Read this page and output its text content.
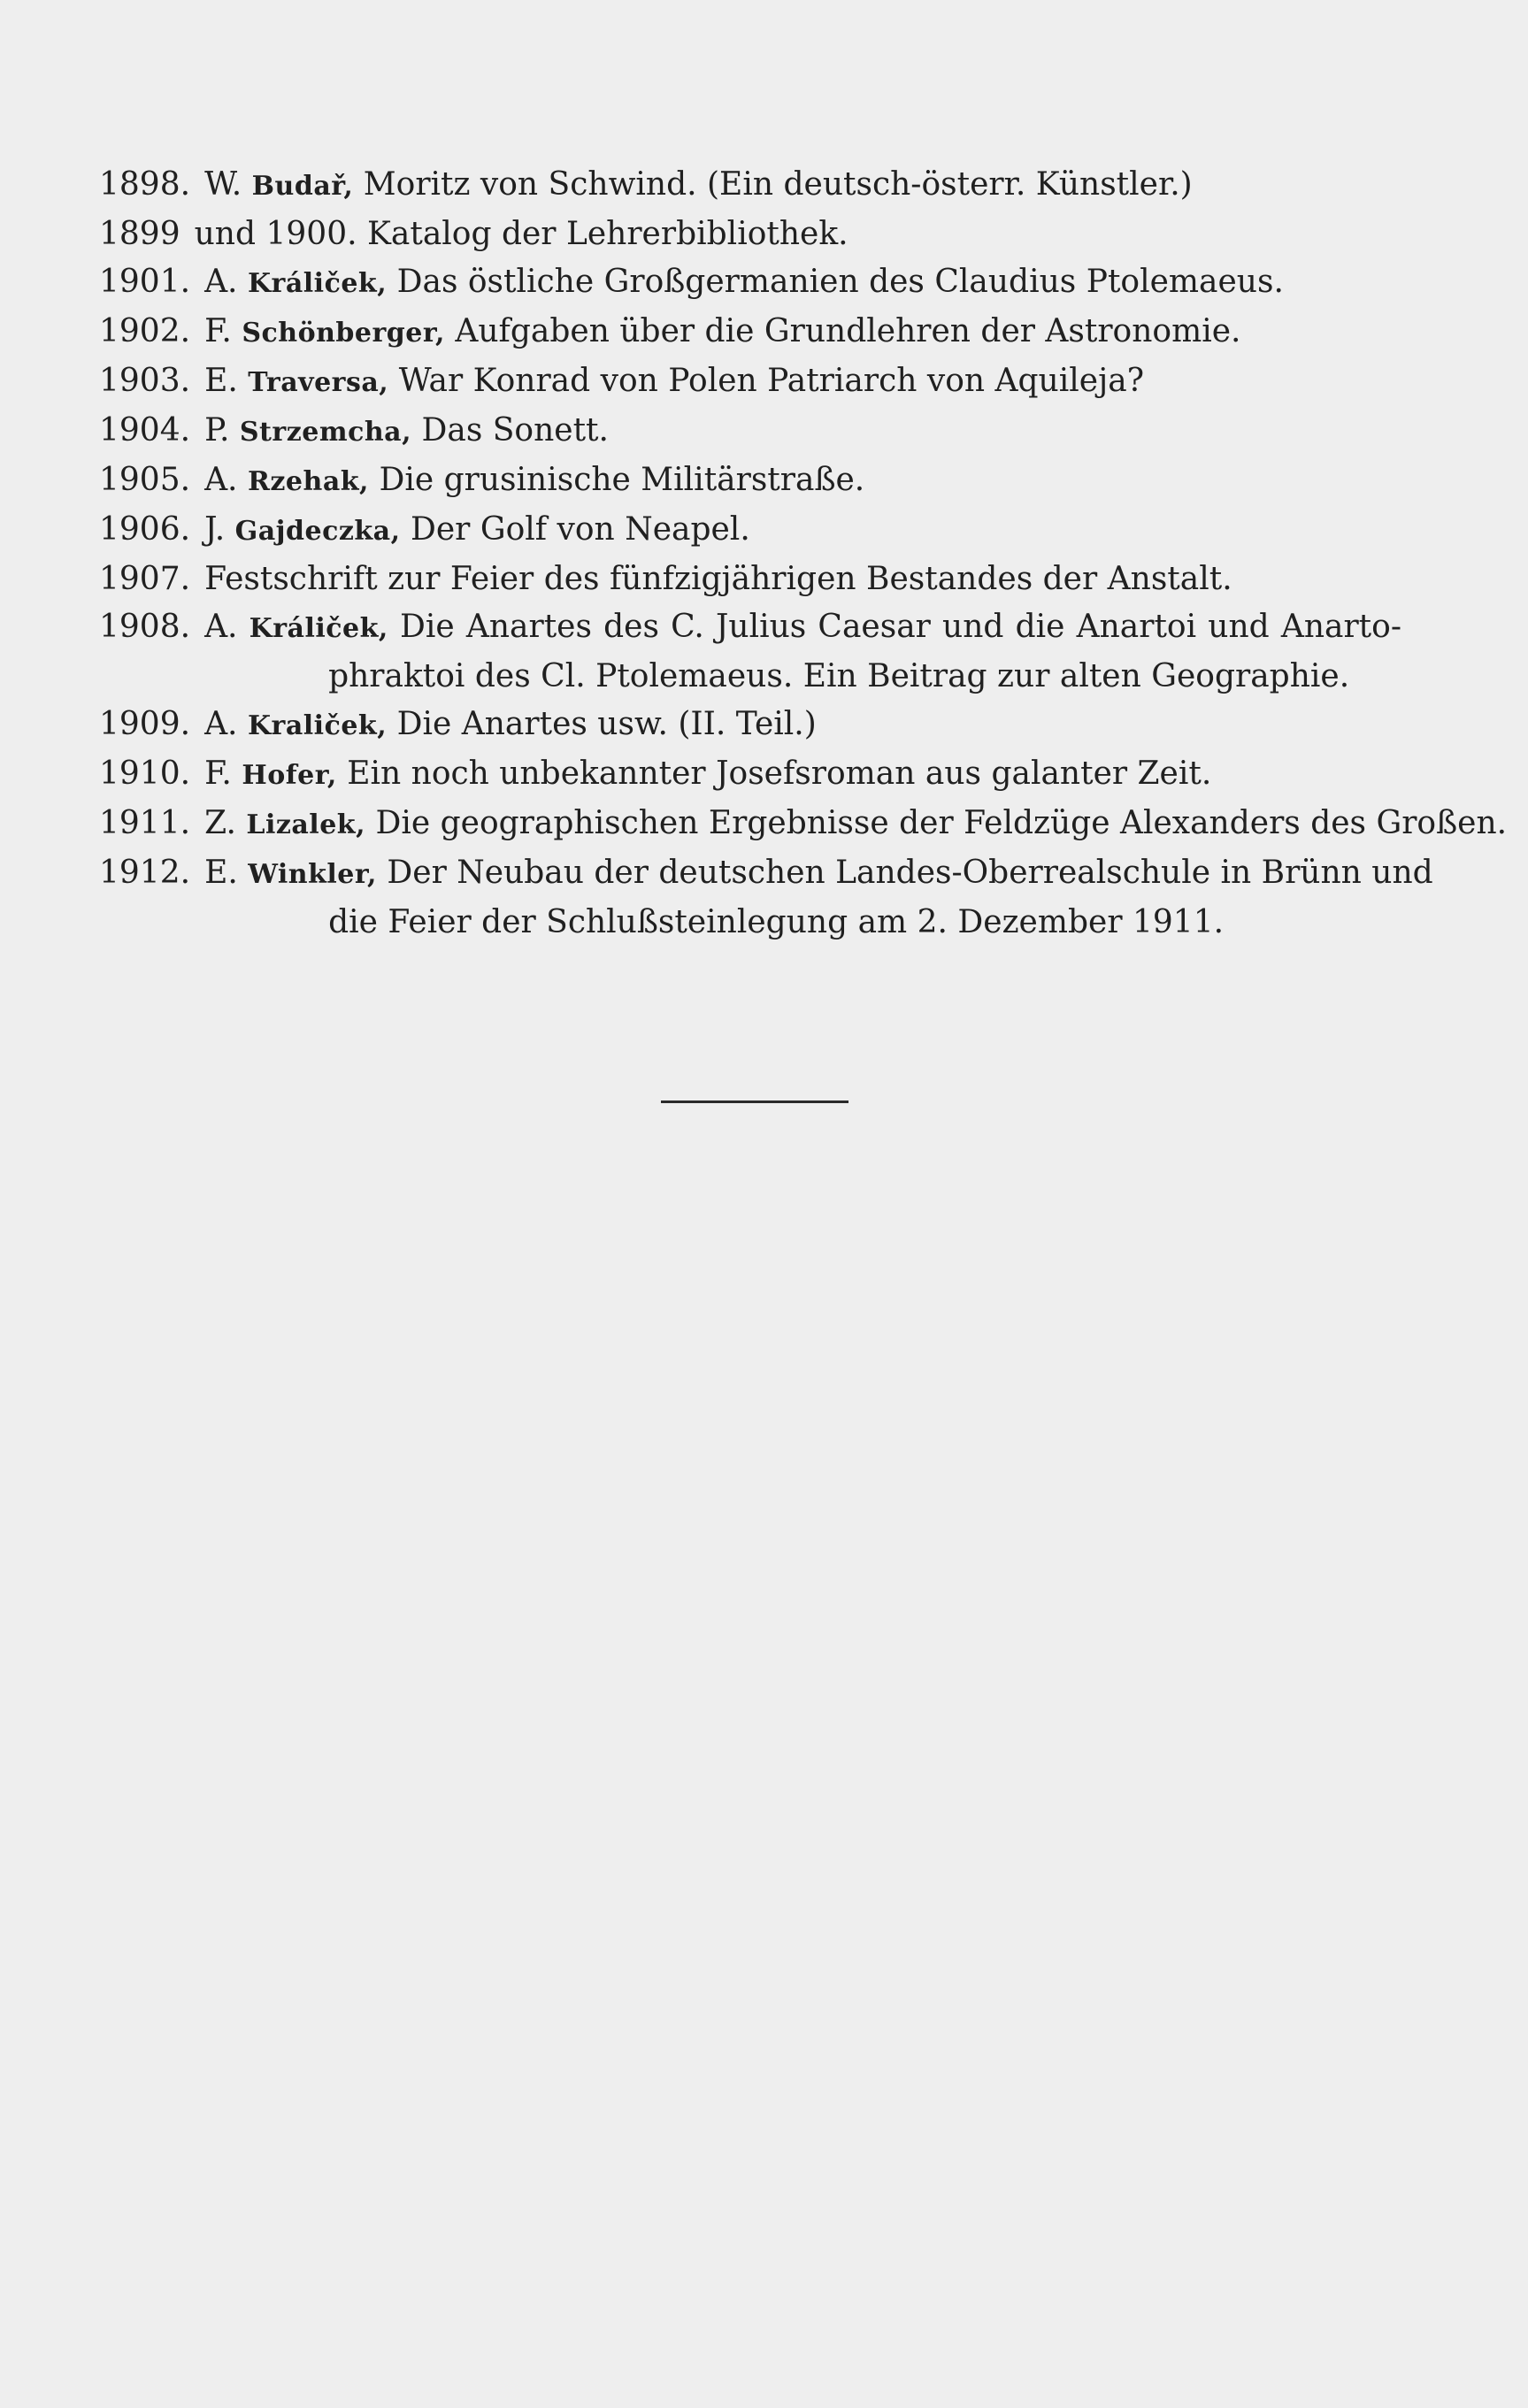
1898. W. Budař, Moritz von Schwind. (Ein deutsch-österr. Künstler.)
1899 und 1900. Katalog der Lehrerbibliothek.
1901. A. Králiček, Das östliche Großgermanien des Claudius Ptolemaeus.
1902. F. Schönberger, Aufgaben über die Grundlehren der Astronomie.
1903. E. Traversa, War Konrad von Polen Patriarch von Aquileja?
1904. P. Strzemcha, Das Sonett.
1905. A. Rzehak, Die grusinische Militärstraße.
1906. J. Gajdeczka, Der Golf von Neapel.
1907. Festschrift zur Feier des fünfzigjährigen Bestandes der Anstalt.
1908. A. Králiček, Die Anartes des C. Julius Caesar und die Anartoi und Anarto-
phraktoi des Cl. Ptolemaeus. Ein Beitrag zur alten Geographie.
1909. A. Kraliček, Die Anartes usw. (II. Teil.)
1910. F. Hofer, Ein noch unbekannter Josefsroman aus galanter Zeit.
1911. Z. Lizalek, Die geographischen Ergebnisse der Feldzüge Alexanders des Großen.
1912. E. Winkler, Der Neubau der deutschen Landes-Oberrealschule in Brünn und
die Feier der Schlußsteinlegung am 2. Dezember 1911.
